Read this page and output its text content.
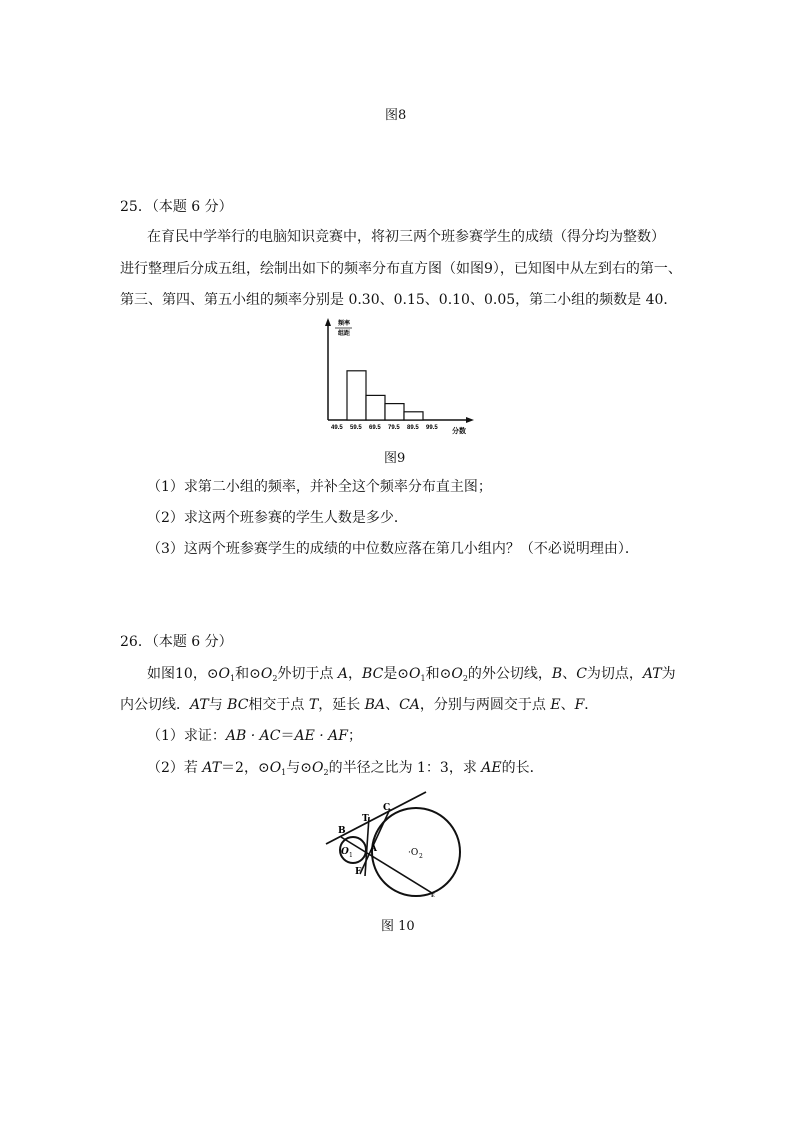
图8
25．（本题 6 分）
在育民中学举行的电脑知识竞赛中，将初三两个班参赛学生的成绩（得分均为整数）
进行整理后分成五组，绘制出如下的频率分布直方图（如图9），已知图中从左到右的第一、
第三、第四、第五小组的频率分别是 0.30、0.15、0.10、0.05，第二小组的频数是 40．
频率
组距
49.5 59.5 69.5 79.5 89.5 99.5 分数
图9
（1）求第二小组的频率，并补全这个频率分布直主图；
（2）求这两个班参赛的学生人数是多少．
（3）这两个班参赛学生的成绩的中位数应落在第几小组内？（不必说明理由）．
26．（本题 6 分）
如图10，$⊙O_1$和$⊙O_2$外切于点 A，BC是$⊙O_1$和$⊙O_2$的外公切线，B、C为切点，AT为
内公切线．AT与 BC相交于点 T，延长 BA、CA，分别与两圆交于点 E、F．
（1）求证：AB · AC＝AE · AF；
（2）若 AT＝2，$⊙O_1$与$⊙O_2$的半径之比为 1：3，求 AE的长．
B
T
C
A
F
O 1	·O 2
E
图 10
